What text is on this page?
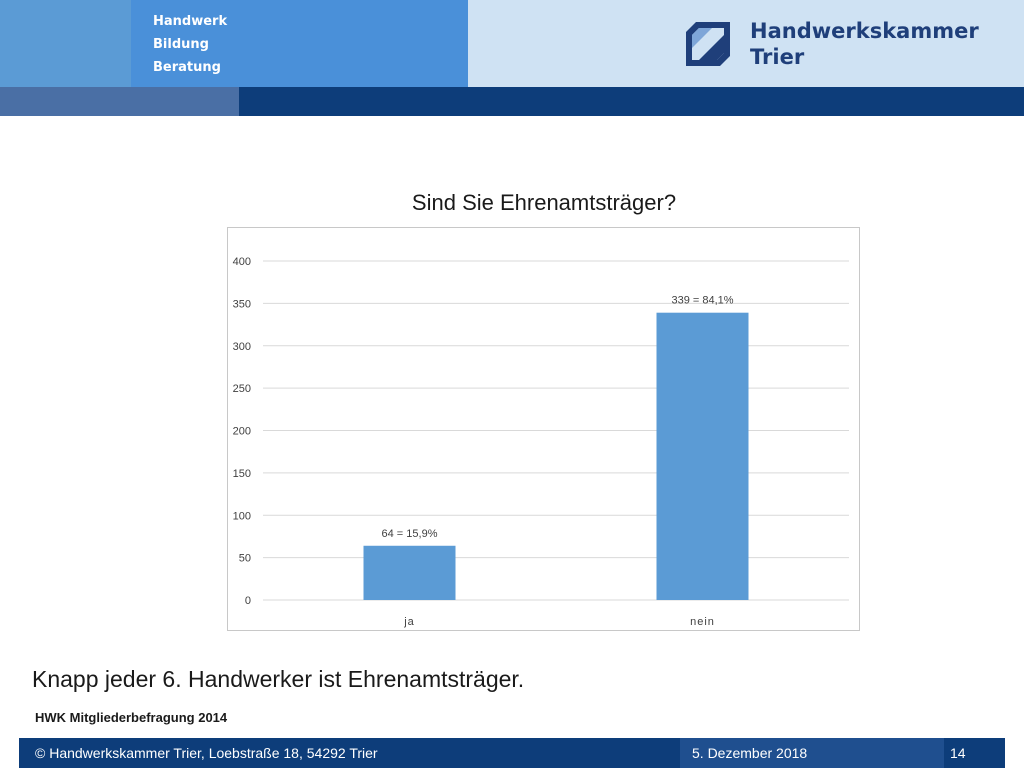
Handwerk
Bildung
Beratung
Handwerkskammer
Trier
Sind Sie Ehrenamtsträger?
0
50
100
150
200
250
300
350
400
64 = 15,9%
ja
339 = 84,1%
nein
Knapp jeder 6. Handwerker ist Ehrenamtsträger.
HWK Mitgliederbefragung 2014
© Handwerkskammer Trier, Loebstraße 18, 54292 Trier	5. Dezember 2018	14
